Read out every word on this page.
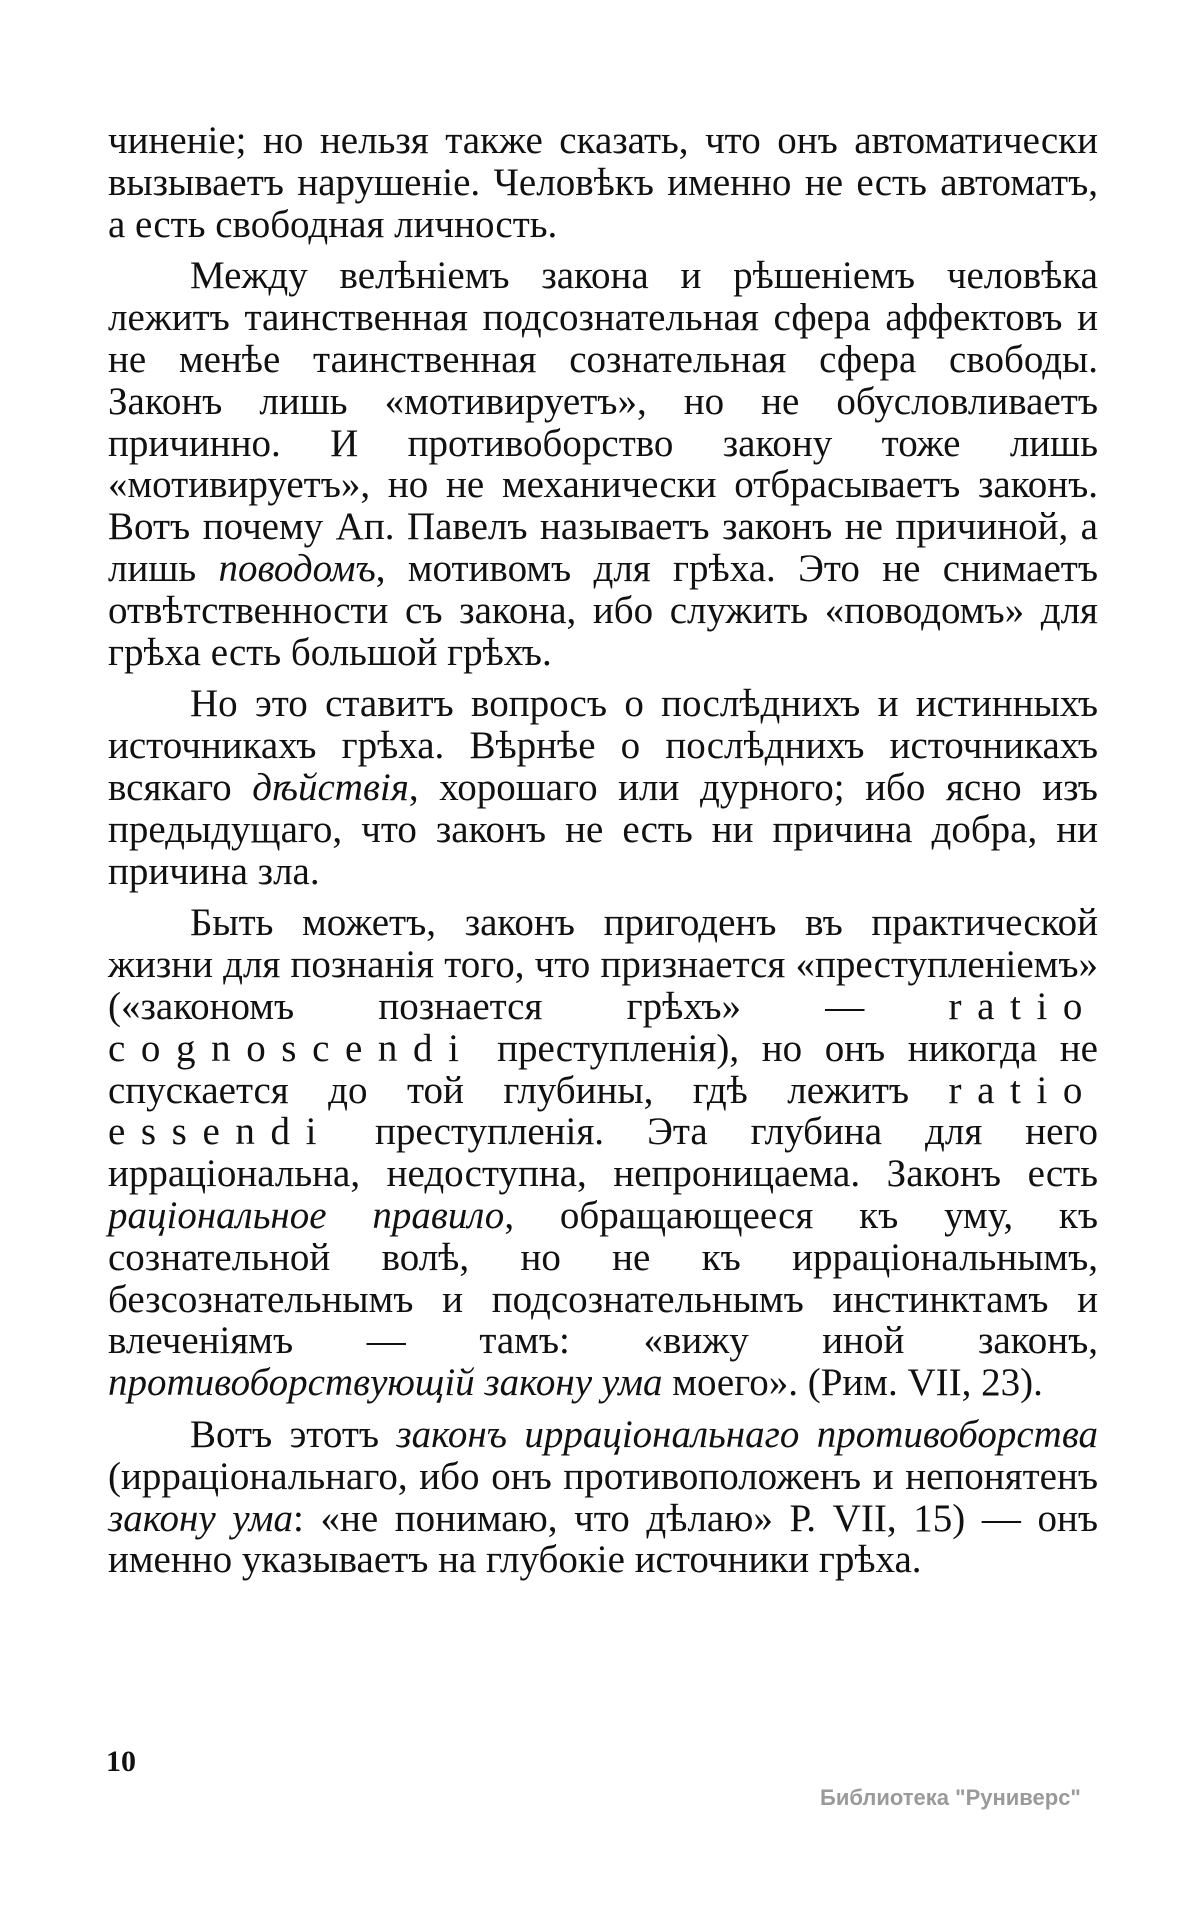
чиненіе; но нельзя также сказать, что онъ автоматически вызываетъ нарушеніе. Человѣкъ именно не есть автоматъ, а есть свободная личность.

Между велѣніемъ закона и рѣшеніемъ человѣка лежитъ таинственная подсознательная сфера аффектовъ и не менѣе таинственная сознательная сфера свободы. Законъ лишь «мотивируетъ», но не обусловливаетъ причинно. И противоборство закону тоже лишь «мотивируетъ», но не механически отбрасываетъ законъ. Вотъ почему Ап. Павелъ называетъ законъ не причиной, а лишь поводомъ, мотивомъ для грѣха. Это не снимаетъ отвѣтственности съ закона, ибо служить «поводомъ» для грѣха есть большой грѣхъ.

Но это ставитъ вопросъ о послѣднихъ и истинныхъ источникахъ грѣха. Вѣрнѣе о послѣднихъ источникахъ всякаго дѣйствія, хорошаго или дурного; ибо ясно изъ предыдущаго, что законъ не есть ни причина добра, ни причина зла.

Быть можетъ, законъ пригоденъ въ практической жизни для познанія того, что признается «преступленіемъ» («закономъ познается грѣхъ» — ratio cognoscendi преступленія), но онъ никогда не спускается до той глубины, гдѣ лежитъ ratio essendi преступленія. Эта глубина для него ирраціональна, недоступна, непроницаема. Законъ есть раціональное правило, обращающееся къ уму, къ сознательной волѣ, но не къ ирраціональнымъ, безсознательнымъ и подсознательнымъ инстинктамъ и влеченіямъ — тамъ: «вижу иной законъ, противоборствующій закону ума моего». (Рим. VII, 23).

Вотъ этотъ законъ ирраціональнаго противоборства (ирраціональнаго, ибо онъ противоположенъ и непонятенъ закону ума: «не понимаю, что дѣлаю» Р. VII, 15) — онъ именно указываетъ на глубокіе источники грѣха.

10
Библиотека "Руниверс"
